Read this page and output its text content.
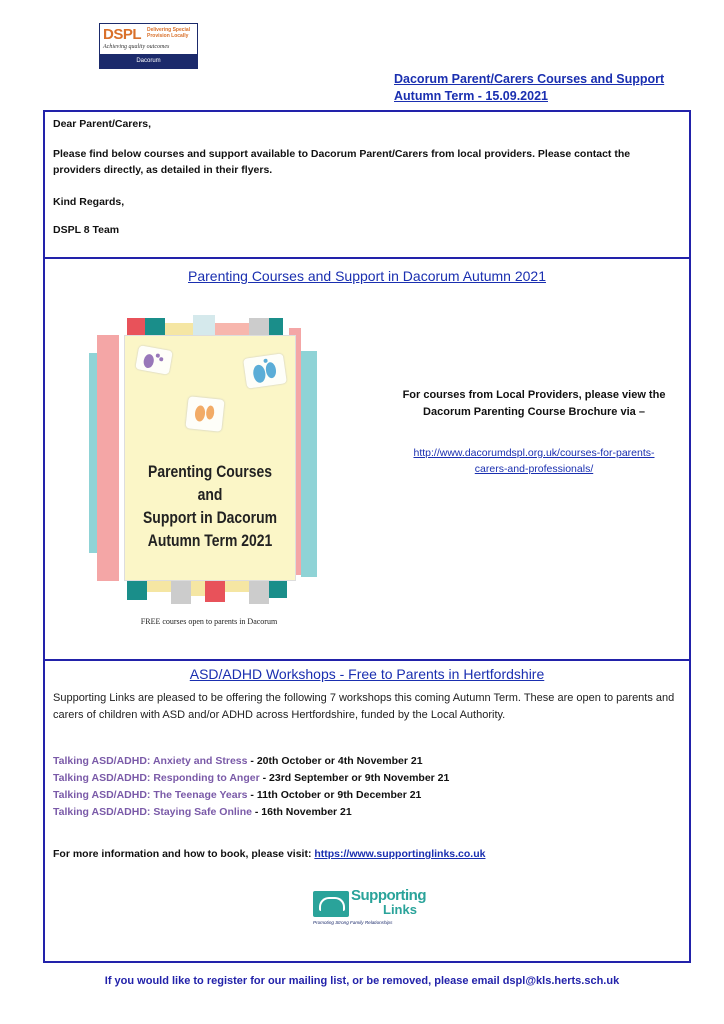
DSPL Delivering Special Provision Locally
Achieving quality outcomes
Dacorum
Dacorum Parent/Carers Courses and Support
Autumn Term - 15.09.2021

Dear Parent/Carers,

Please find below courses and support available to Dacorum Parent/Carers from local providers. Please contact the providers directly, as detailed in their flyers.

Kind Regards,

DSPL 8 Team

Parenting Courses and Support in Dacorum Autumn 2021
Parenting Courses and
Support in Dacorum
Autumn Term 2021
FREE courses open to parents in Dacorum
For courses from Local Providers, please view the
Dacorum Parenting Course Brochure via –
http://www.dacorumdspl.org.uk/courses-for-parents-
carers-and-professionals/
ASD/ADHD Workshops - Free to Parents in Hertfordshire
Supporting Links are pleased to be offering the following 7 workshops this coming Autumn Term. These are open to parents and carers of children with ASD and/or ADHD across Hertfordshire, funded by the Local Authority.
Talking ASD/ADHD: Anxiety and Stress - 20th October or 4th November 21
Talking ASD/ADHD: Responding to Anger - 23rd September or 9th November 21
Talking ASD/ADHD: The Teenage Years - 11th October or 9th December 21
Talking ASD/ADHD: Staying Safe Online - 16th November 21
For more information and how to book, please visit: https://www.supportinglinks.co.uk
Supporting
Links
Promoting Strong Family Relationships
If you would like to register for our mailing list, or be removed, please email dspl@kls.herts.sch.uk
